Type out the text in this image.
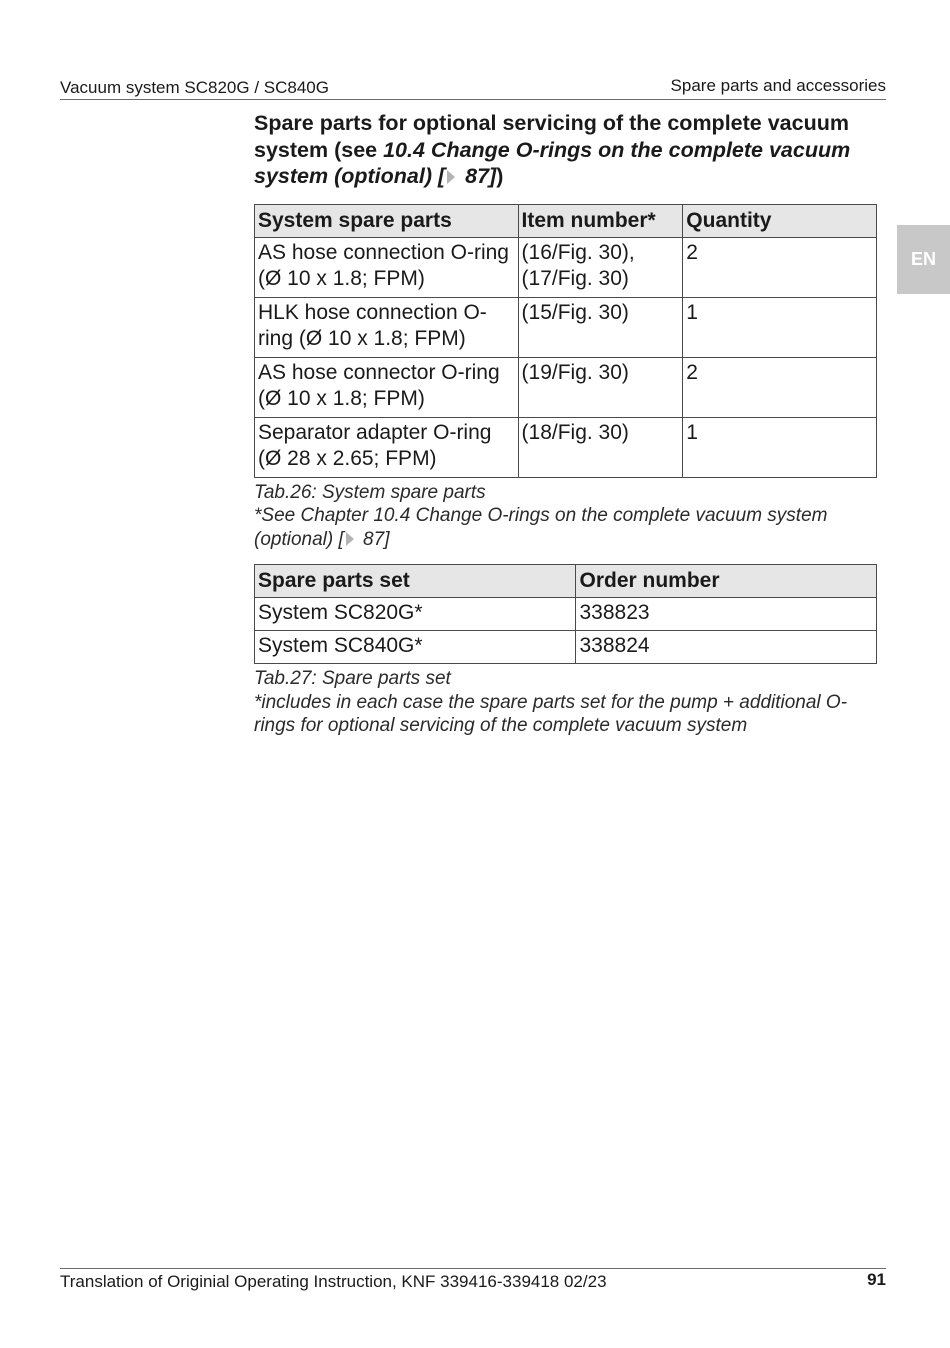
Vacuum system SC820G / SC840G	Spare parts and accessories
EN
Spare parts for optional servicing of the complete vacuum system (see 10.4 Change O-rings on the complete vacuum system (optional) [ 87])
System spare parts	Item number*	Quantity
AS hose connection O-ring (Ø 10 x 1.8; FPM)	(16/Fig. 30), (17/Fig. 30)	2
HLK hose connection O-ring (Ø 10 x 1.8; FPM)	(15/Fig. 30)	1
AS hose connector O-ring (Ø 10 x 1.8; FPM)	(19/Fig. 30)	2
Separator adapter O-ring (Ø 28 x 2.65; FPM)	(18/Fig. 30)	1
Tab.26: System spare parts
*See Chapter 10.4 Change O-rings on the complete vacuum system (optional) [ 87]
Spare parts set	Order number
System SC820G*	338823
System SC840G*	338824
Tab.27: Spare parts set
*includes in each case the spare parts set for the pump + additional O-rings for optional servicing of the complete vacuum system
Translation of Originial Operating Instruction, KNF 339416-339418 02/23	91
